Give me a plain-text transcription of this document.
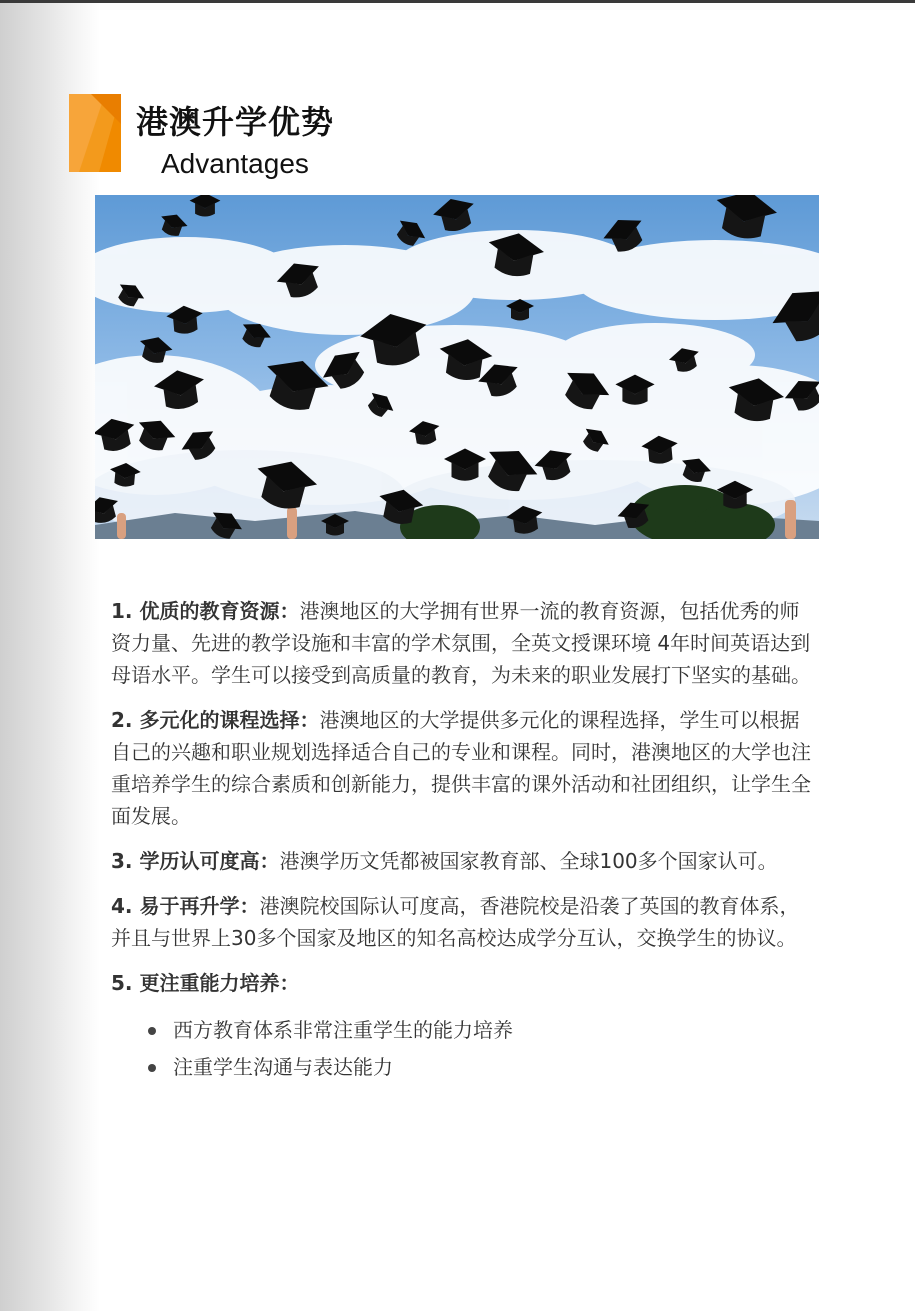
港澳升学优势
Advantages

1. 优质的教育资源：港澳地区的大学拥有世界一流的教育资源，包括优秀的师资力量、先进的教学设施和丰富的学术氛围，全英文授课环境 4年时间英语达到母语水平。学生可以接受到高质量的教育，为未来的职业发展打下坚实的基础。

2. 多元化的课程选择：港澳地区的大学提供多元化的课程选择，学生可以根据自己的兴趣和职业规划选择适合自己的专业和课程。同时，港澳地区的大学也注重培养学生的综合素质和创新能力，提供丰富的课外活动和社团组织，让学生全面发展。

3. 学历认可度高：港澳学历文凭都被国家教育部、全球100多个国家认可。

4. 易于再升学：港澳院校国际认可度高，香港院校是沿袭了英国的教育体系，并且与世界上30多个国家及地区的知名高校达成学分互认，交换学生的协议。

5. 更注重能力培养：

西方教育体系非常注重学生的能力培养
注重学生沟通与表达能力
